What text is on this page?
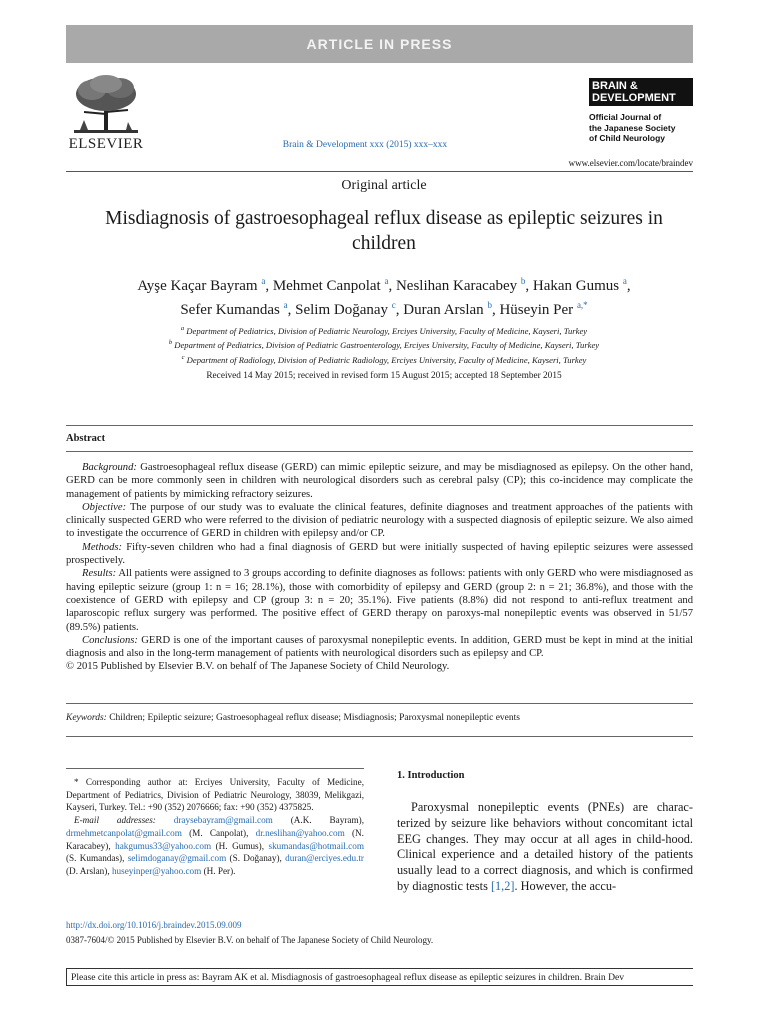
ARTICLE IN PRESS
ELSEVIER	Brain & Development xxx (2015) xxx–xxx
BRAIN &
DEVELOPMENT
Official Journal of
the Japanese Society
of Child Neurology
www.elsevier.com/locate/braindev
Original article
Misdiagnosis of gastroesophageal reflux disease as epileptic seizures in children
Ayşe Kaçar Bayram $^a$, Mehmet Canpolat $^a$, Neslihan Karacabey $^b$, Hakan Gumus $^a$,
Sefer Kumandas $^a$, Selim Doğanay $^c$, Duran Arslan $^b$, Hüseyin Per $^{a,*}$
$^a$ Department of Pediatrics, Division of Pediatric Neurology, Erciyes University, Faculty of Medicine, Kayseri, Turkey
$^b$ Department of Pediatrics, Division of Pediatric Gastroenterology, Erciyes University, Faculty of Medicine, Kayseri, Turkey
$^c$ Department of Radiology, Division of Pediatric Radiology, Erciyes University, Faculty of Medicine, Kayseri, Turkey
Received 14 May 2015; received in revised form 15 August 2015; accepted 18 September 2015
Abstract

Background: Gastroesophageal reflux disease (GERD) can mimic epileptic seizure, and may be misdiagnosed as epilepsy. On the other hand, GERD can be more commonly seen in children with neurological disorders such as cerebral palsy (CP); this co-incidence may complicate the management of patients by mimicking refractory seizures.

Objective: The purpose of our study was to evaluate the clinical features, definite diagnoses and treatment approaches of the patients with clinically suspected GERD who were referred to the division of pediatric neurology with a suspected diagnosis of epileptic seizure. We also aimed to investigate the occurrence of GERD in children with epilepsy and/or CP.

Methods: Fifty-seven children who had a final diagnosis of GERD but were initially suspected of having epileptic seizures were assessed prospectively.

Results: All patients were assigned to 3 groups according to definite diagnoses as follows: patients with only GERD who were misdiagnosed as having epileptic seizure (group 1: n = 16; 28.1%), those with comorbidity of epilepsy and GERD (group 2: n = 21; 36.8%), and those with the coexistence of GERD with epilepsy and CP (group 3: n = 20; 35.1%). Five patients (8.8%) did not respond to anti-reflux treatment and laparoscopic reflux surgery was performed. The positive effect of GERD therapy on paroxys-mal nonepileptic events was observed in 51/57 (89.5%) patients.

Conclusions: GERD is one of the important causes of paroxysmal nonepileptic events. In addition, GERD must be kept in mind at the initial diagnosis and also in the long-term management of patients with neurological disorders such as epilepsy and CP.

© 2015 Published by Elsevier B.V. on behalf of The Japanese Society of Child Neurology.

Keywords: Children; Epileptic seizure; Gastroesophageal reflux disease; Misdiagnosis; Paroxysmal nonepileptic events

* Corresponding author at: Erciyes University, Faculty of Medicine, Department of Pediatrics, Division of Pediatric Neurology, 38039, Melikgazi, Kayseri, Turkey. Tel.: +90 (352) 2076666; fax: +90 (352) 4375825.

E-mail addresses: draysebayram@gmail.com (A.K. Bayram), drmehmetcanpolat@gmail.com (M. Canpolat), dr.neslihan@yahoo.com (N. Karacabey), hakgumus33@yahoo.com (H. Gumus), skumandas@hotmail.com (S. Kumandas), selimdoganay@gmail.com (S. Doğanay), duran@erciyes.edu.tr (D. Arslan), huseyinper@yahoo.com (H. Per).

1. Introduction

Paroxysmal nonepileptic events (PNEs) are charac-terized by seizure like behaviors without concomitant ictal EEG changes. They may occur at all ages in child-hood. Clinical experience and a detailed history of the patients usually lead to a correct diagnosis, and which is confirmed by diagnostic tests [1,2]. However, the accu-

http://dx.doi.org/10.1016/j.braindev.2015.09.009
0387-7604/© 2015 Published by Elsevier B.V. on behalf of The Japanese Society of Child Neurology.
Please cite this article in press as: Bayram AK et al. Misdiagnosis of gastroesophageal reflux disease as epileptic seizures in children. Brain Dev
